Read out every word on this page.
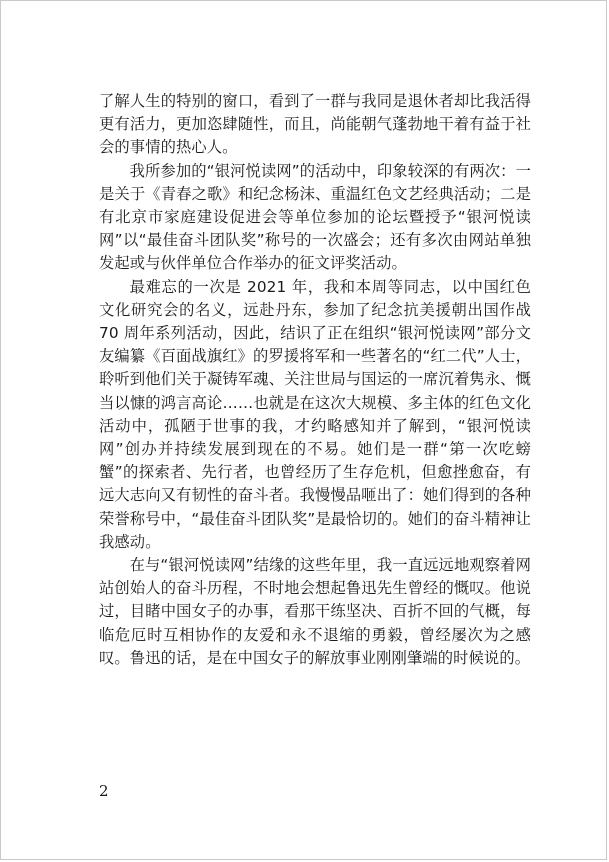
了解人生的特别的窗口，看到了一群与我同是退休者却比我活得更有活力，更加恣肆随性，而且，尚能朝气蓬勃地干着有益于社会的事情的热心人。

我所参加的“银河悦读网”的活动中，印象较深的有两次：一是关于《青春之歌》和纪念杨沫、重温红色文艺经典活动；二是有北京市家庭建设促进会等单位参加的论坛暨授予“银河悦读网”以“最佳奋斗团队奖”称号的一次盛会；还有多次由网站单独发起或与伙伴单位合作举办的征文评奖活动。

最难忘的一次是 2021 年，我和本周等同志，以中国红色文化研究会的名义，远赴丹东，参加了纪念抗美援朝出国作战 70 周年系列活动，因此，结识了正在组织“银河悦读网”部分文友编纂《百面战旗红》的罗援将军和一些著名的“红二代”人士，聆听到他们关于凝铸军魂、关注世局与国运的一席沉着隽永、慨当以慷的鸿言高论……也就是在这次大规模、多主体的红色文化活动中，孤陋于世事的我，才约略感知并了解到，“银河悦读网”创办并持续发展到现在的不易。她们是一群“第一次吃螃蟹”的探索者、先行者，也曾经历了生存危机，但愈挫愈奋，有远大志向又有韧性的奋斗者。我慢慢品咂出了：她们得到的各种荣誉称号中，“最佳奋斗团队奖”是最恰切的。她们的奋斗精神让我感动。

在与“银河悦读网”结缘的这些年里，我一直远远地观察着网站创始人的奋斗历程，不时地会想起鲁迅先生曾经的慨叹。他说过，目睹中国女子的办事，看那干练坚决、百折不回的气概，每临危厄时互相协作的友爱和永不退缩的勇毅，曾经屡次为之感叹。鲁迅的话，是在中国女子的解放事业刚刚肇端的时候说的。

2
